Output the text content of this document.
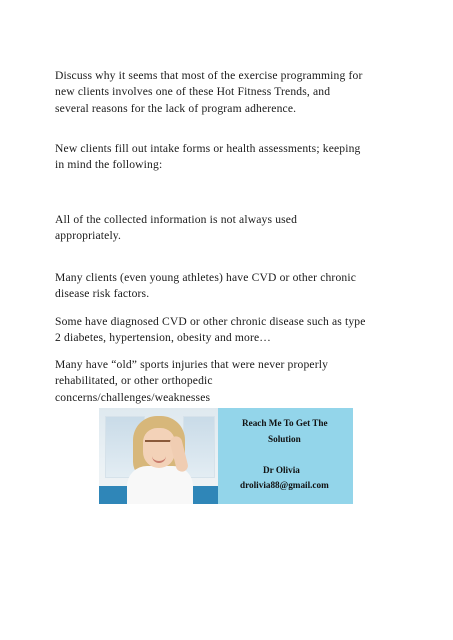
Discuss why it seems that most of the exercise programming for
new clients involves one of these Hot Fitness Trends, and
several reasons for the lack of program adherence.
New clients fill out intake forms or health assessments; keeping
in mind the following:
All of the collected information is not always used
appropriately.
Many clients (even young athletes) have CVD or other chronic
disease risk factors.
Some have diagnosed CVD or other chronic disease such as type
2 diabetes, hypertension, obesity and more…
Many have “old” sports injuries that were never properly
rehabilitated, or other orthopedic
concerns/challenges/weaknesses
Reach Me To Get The
Solution
Dr Olivia
drolivia88@gmail.com
